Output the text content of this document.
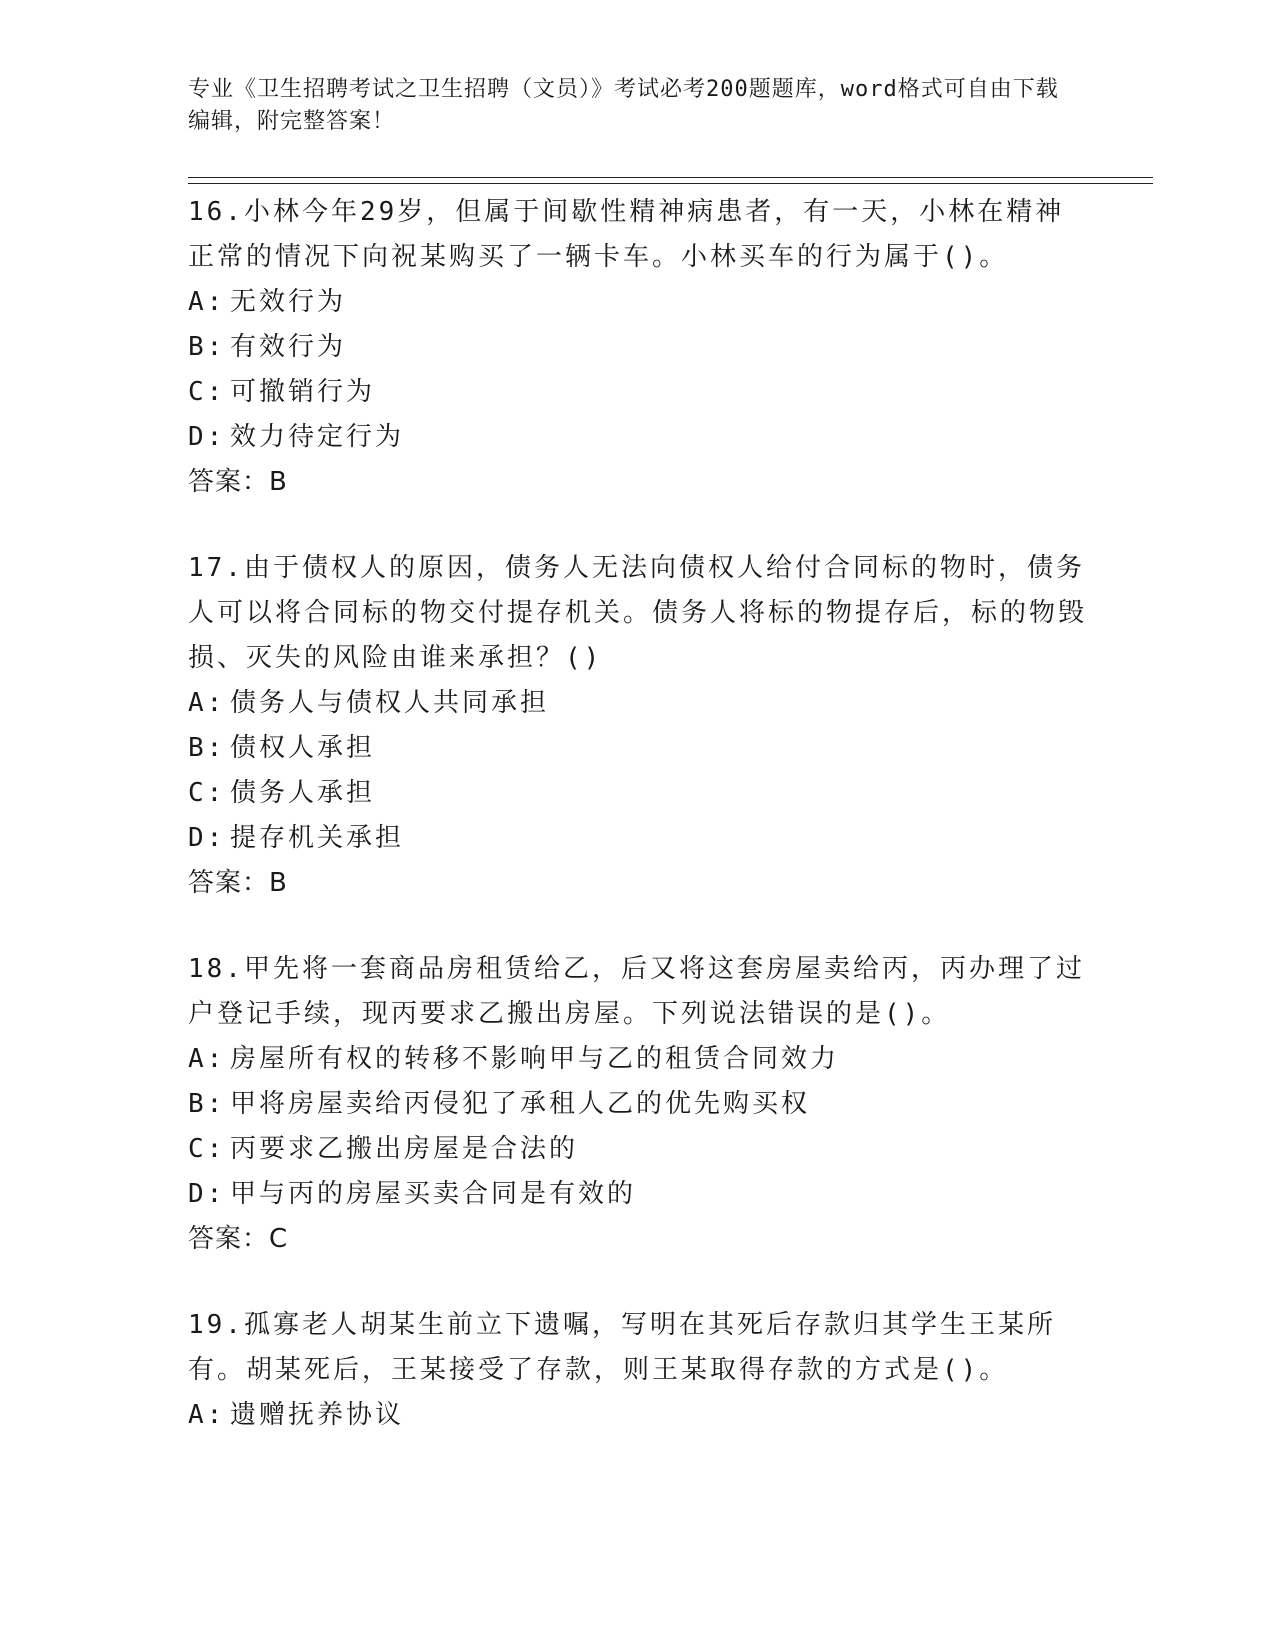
专业《卫生招聘考试之卫生招聘（文员）》考试必考200题题库，word格式可自由下载编辑，附完整答案！
16.小林今年29岁，但属于间歇性精神病患者，有一天，小林在精神正常的情况下向祝某购买了一辆卡车。小林买车的行为属于()。
A: 无效行为
B: 有效行为
C: 可撤销行为
D: 效力待定行为
答案：B
17.由于债权人的原因，债务人无法向债权人给付合同标的物时，债务人可以将合同标的物交付提存机关。债务人将标的物提存后，标的物毁损、灭失的风险由谁来承担？()
A: 债务人与债权人共同承担
B: 债权人承担
C: 债务人承担
D: 提存机关承担
答案：B
18.甲先将一套商品房租赁给乙，后又将这套房屋卖给丙，丙办理了过户登记手续，现丙要求乙搬出房屋。下列说法错误的是()。
A: 房屋所有权的转移不影响甲与乙的租赁合同效力
B: 甲将房屋卖给丙侵犯了承租人乙的优先购买权
C: 丙要求乙搬出房屋是合法的
D: 甲与丙的房屋买卖合同是有效的
答案：C
19.孤寡老人胡某生前立下遗嘱，写明在其死后存款归其学生王某所有。胡某死后，王某接受了存款，则王某取得存款的方式是()。
A: 遗赠抚养协议
